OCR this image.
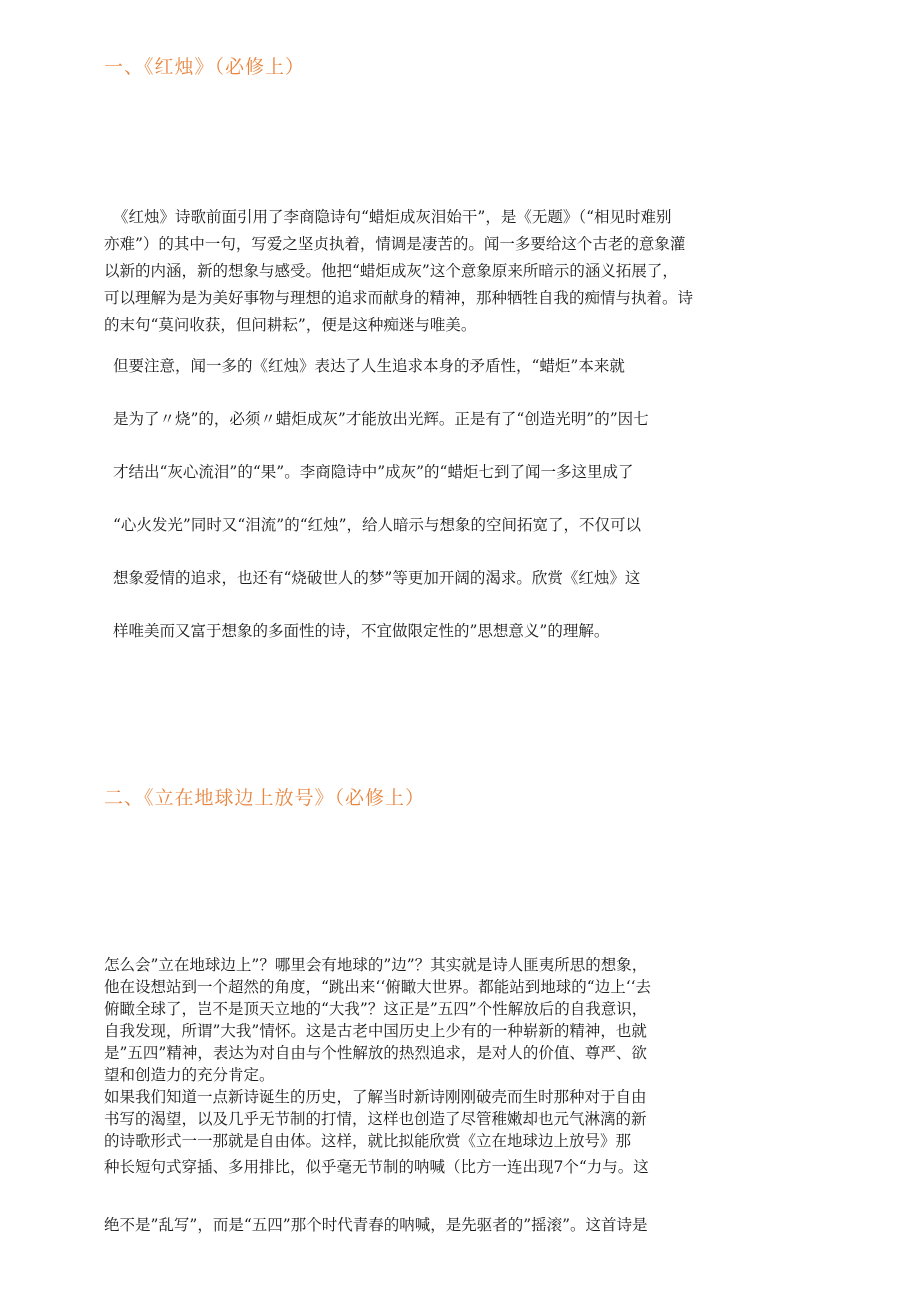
一、《红烛》（必修上）
《红烛》诗歌前面引用了李商隐诗句“蜡炬成灰泪始干”，是《无题》（“相见时难别
亦难”）的其中一句，写爱之坚贞执着，情调是凄苦的。闻一多要给这个古老的意象灌
以新的内涵，新的想象与感受。他把“蜡炬成灰”这个意象原来所暗示的涵义拓展了，
可以理解为是为美好事物与理想的追求而献身的精神，那种牺牲自我的痴情与执着。诗
的末句“莫问收获，但问耕耘”，便是这种痴迷与唯美。
但要注意，闻一多的《红烛》表达了人生追求本身的矛盾性，“蜡炬”本来就
是为了〃烧”的，必须〃蜡炬成灰”才能放出光辉。正是有了“创造光明”的”因七
才结出“灰心流泪”的“果”。李商隐诗中”成灰”的“蜡炬七到了闻一多这里成了
“心火发光”同时又“泪流”的“红烛”，给人暗示与想象的空间拓宽了，不仅可以
想象爱情的追求，也还有“烧破世人的梦”等更加开阔的渴求。欣赏《红烛》这
样唯美而又富于想象的多面性的诗，不宜做限定性的”思想意义”的理解。
二、《立在地球边上放号》（必修上）
怎么会”立在地球边上”？哪里会有地球的”边”？其实就是诗人匪夷所思的想象，
他在设想站到一个超然的角度，“跳出来‘‘俯瞰大世界。都能站到地球的“边上‘‘去
俯瞰全球了，岂不是顶天立地的“大我”？这正是”五四”个性解放后的自我意识，
自我发现，所谓”大我”情怀。这是古老中国历史上少有的一种崭新的精神，也就
是”五四”精神，表达为对自由与个性解放的热烈追求，是对人的价值、尊严、欲
望和创造力的充分肯定。
如果我们知道一点新诗诞生的历史，了解当时新诗刚刚破壳而生时那种对于自由
书写的渴望，以及几乎无节制的打情，这样也创造了尽管稚嫩却也元气淋漓的新
的诗歌形式一一那就是自由体。这样，就比拟能欣赏《立在地球边上放号》那
种长短句式穿插、多用排比，似乎毫无节制的呐喊（比方一连出现7个“力与。这
绝不是”乱写”，而是“五四”那个时代青春的呐喊，是先驱者的”摇滚”。这首诗是
